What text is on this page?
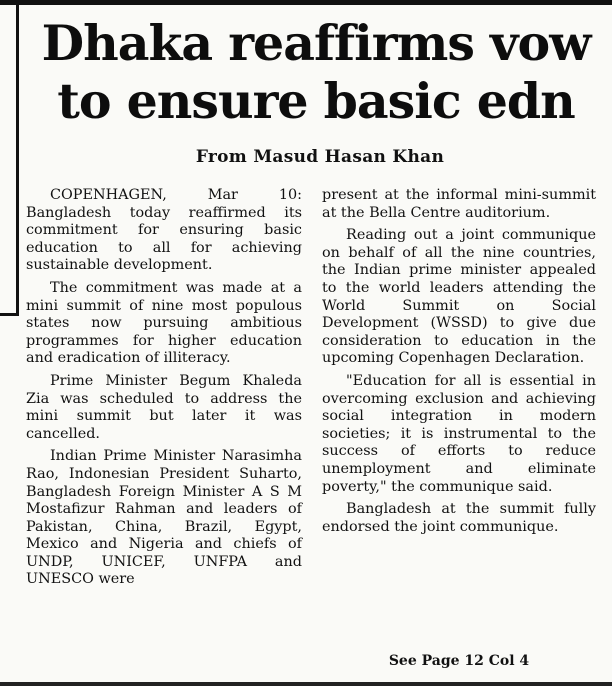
Dhaka reaffirms vow to ensure basic edn
From Masud Hasan Khan

COPENHAGEN, Mar 10: Bangladesh today reaffirmed its commitment for ensuring basic education to all for achieving sustainable development.

The commitment was made at a mini summit of nine most populous states now pursuing ambitious programmes for higher education and eradication of illiteracy.

Prime Minister Begum Khaleda Zia was scheduled to address the mini summit but later it was cancelled.

Indian Prime Minister Narasimha Rao, Indonesian President Suharto, Bangladesh Foreign Minister A S M Mostafizur Rahman and leaders of Pakistan, China, Brazil, Egypt, Mexico and Nigeria and chiefs of UNDP, UNICEF, UNFPA and UNESCO were

present at the informal mini-summit at the Bella Centre auditorium.

Reading out a joint communique on behalf of all the nine countries, the Indian prime minister appealed to the world leaders attending the World Summit on Social Development (WSSD) to give due consideration to education in the upcoming Copenhagen Declaration.

"Education for all is essential in overcoming exclusion and achieving social integration in modern societies; it is instrumental to the success of efforts to reduce unemployment and eliminate poverty," the communique said.

Bangladesh at the summit fully endorsed the joint communique.

See Page 12 Col 4
